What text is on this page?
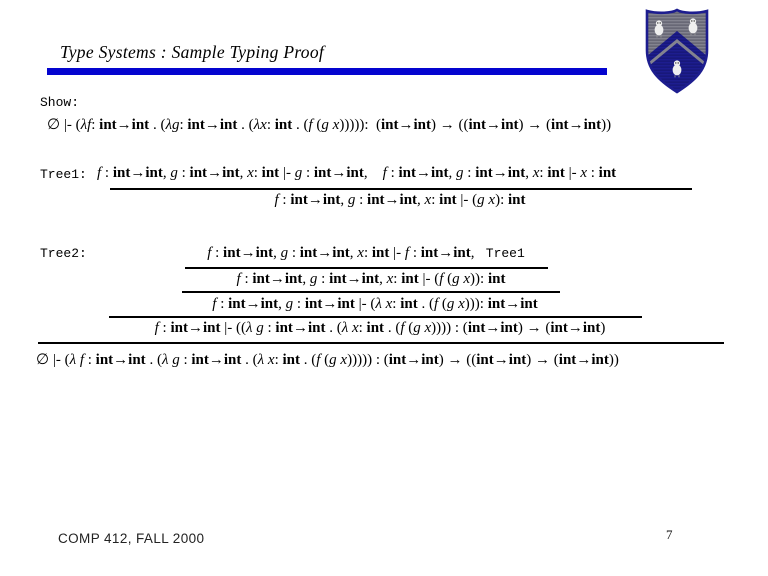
Type Systems : Sample Typing Proof
Show:
∅ |- (λf: int→int . (λg: int→int . (λx: int . (f (g x))))):  (int→int) → ((int→int) → (int→int))
Tree1: f : int→int, g : int→int, x: int |- g : int→int,    f : int→int, g : int→int, x: int |- x : int
f : int→int, g : int→int, x: int |- (g x): int
Tree2:	f : int→int, g : int→int, x: int |- f : int→int,   Tree1
f : int→int, g : int→int, x: int |- (f (g x)): int
f : int→int, g : int→int |- (λ x: int . (f (g x))): int→int
f : int→int |- ((λ g : int→int . (λ x: int . (f (g x)))) : (int→int) → (int→int)
∅ |- (λ f : int→int . (λ g : int→int . (λ x: int . (f (g x))))) : (int→int) → ((int→int) → (int→int))
COMP 412, FALL 2000	7
